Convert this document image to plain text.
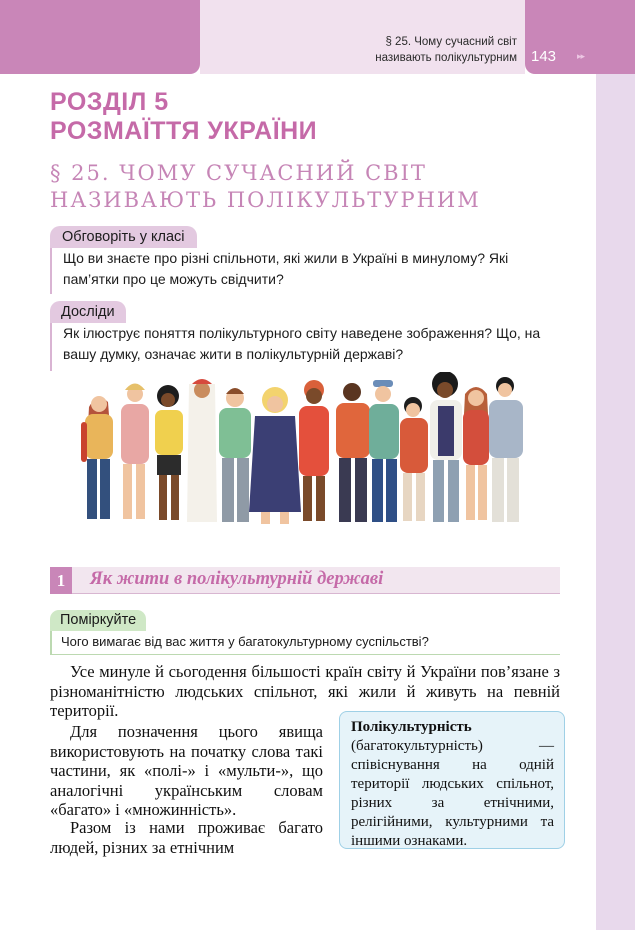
§ 25. Чому сучасний світ
називають полікультурним 143 ▸▸
РОЗДІЛ 5
РОЗМАЇТТЯ УКРАЇНИ
§ 25. ЧОМУ СУЧАСНИЙ СВІТ
НАЗИВАЮТЬ ПОЛІКУЛЬТУРНИМ
Обговоріть у класі
Що ви знаєте про різні спільноти, які жили в Україні в минулому? Які пам’ятки про це можуть свідчити?
Досліди
Як ілюструє поняття полікультурного світу наведене зображення? Що, на вашу думку, означає жити в полікультурній державі?
1	Як жити в полікультурній державі
Поміркуйте
Чого вимагає від вас життя у багатокультурному суспільстві?
Усе минуле й сьогодення більшості країн світу й України пов’язане з різноманітністю людських спільнот, які жили й живуть на певній території.
Для позначення цього явища використовують на початку слова такі частини, як «полі-» і «мульти-», що аналогічні українським словам «багато» і «множинність».
Разом із нами проживає багато людей, різних за етнічним
Полікультурність (багатокультурність) — співіснування на одній території людських спільнот, різних за етнічними, релігійними, культурними та іншими ознаками.
